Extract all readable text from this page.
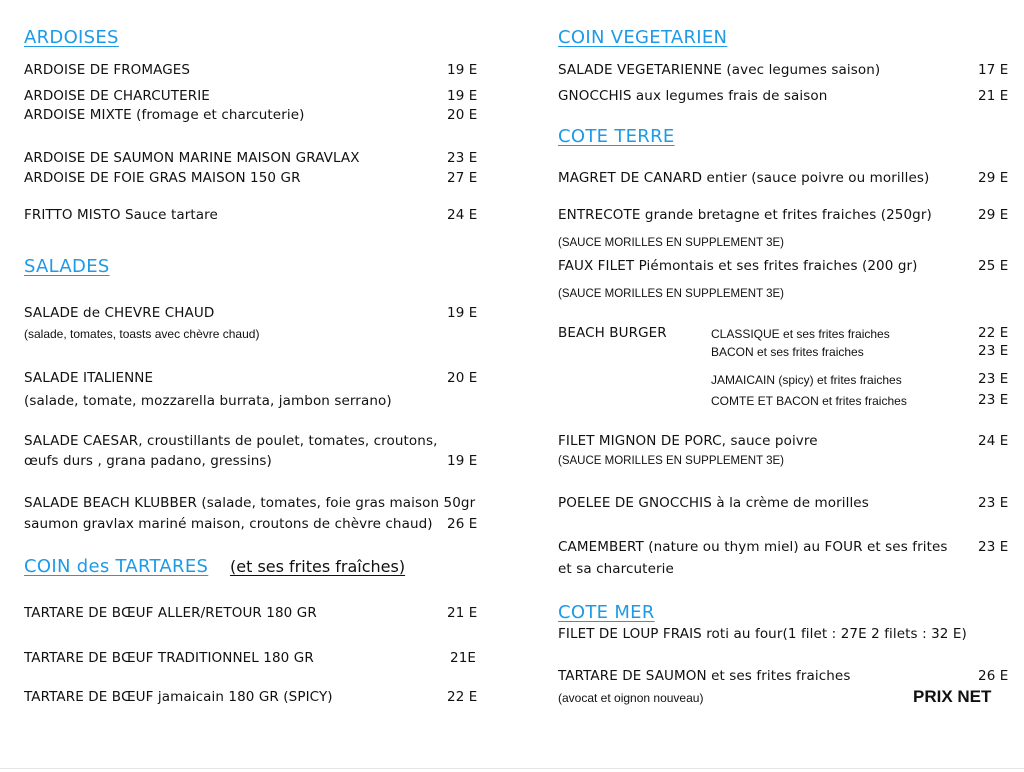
ARDOISES
ARDOISE DE FROMAGES	19 E
ARDOISE DE CHARCUTERIE	19 E
ARDOISE MIXTE (fromage et charcuterie)	20 E
ARDOISE DE SAUMON MARINE MAISON GRAVLAX	23 E
ARDOISE DE FOIE GRAS MAISON 150 GR	27 E
FRITTO MISTO Sauce tartare	24 E
SALADES
SALADE de CHEVRE CHAUD	19 E
(salade, tomates, toasts avec chèvre chaud)
SALADE ITALIENNE	20 E
(salade, tomate, mozzarella burrata, jambon serrano)
SALADE CAESAR, croustillants de poulet, tomates, croutons,
œufs durs , grana padano, gressins)	19 E
SALADE BEACH KLUBBER (salade, tomates, foie gras maison 50gr
saumon gravlax mariné maison, croutons de chèvre chaud) 26 E
COIN des TARTARES (et ses frites fraîches)
TARTARE DE BŒUF ALLER/RETOUR 180 GR	21 E
TARTARE DE BŒUF TRADITIONNEL 180 GR	21E
TARTARE DE BŒUF jamaicain 180 GR (SPICY)	22 E
COIN VEGETARIEN
SALADE VEGETARIENNE (avec legumes saison)	17 E
GNOCCHIS aux legumes frais de saison	21 E
COTE TERRE
MAGRET DE CANARD entier (sauce poivre ou morilles)	29 E
ENTRECOTE grande bretagne et frites fraiches (250gr)	29 E
(SAUCE MORILLES EN SUPPLEMENT 3E)
FAUX FILET Piémontais et ses frites fraiches (200 gr)	25 E
(SAUCE MORILLES EN SUPPLEMENT 3E)
BEACH BURGER	CLASSIQUE et ses frites fraiches	22 E
BACON et ses frites fraiches	23 E
JAMAICAIN (spicy) et frites fraiches	23 E
COMTE ET BACON et frites fraiches	23 E
FILET MIGNON DE PORC, sauce poivre	24 E
(SAUCE MORILLES EN SUPPLEMENT 3E)
POELEE DE GNOCCHIS à la crème de morilles	23 E
CAMEMBERT (nature ou thym miel) au FOUR et ses frites 23 E
et sa charcuterie
COTE MER
FILET DE LOUP FRAIS roti au four(1 filet : 27E 2 filets : 32 E)
TARTARE DE SAUMON et ses frites fraiches	26 E
(avocat et oignon nouveau)	PRIX NET
